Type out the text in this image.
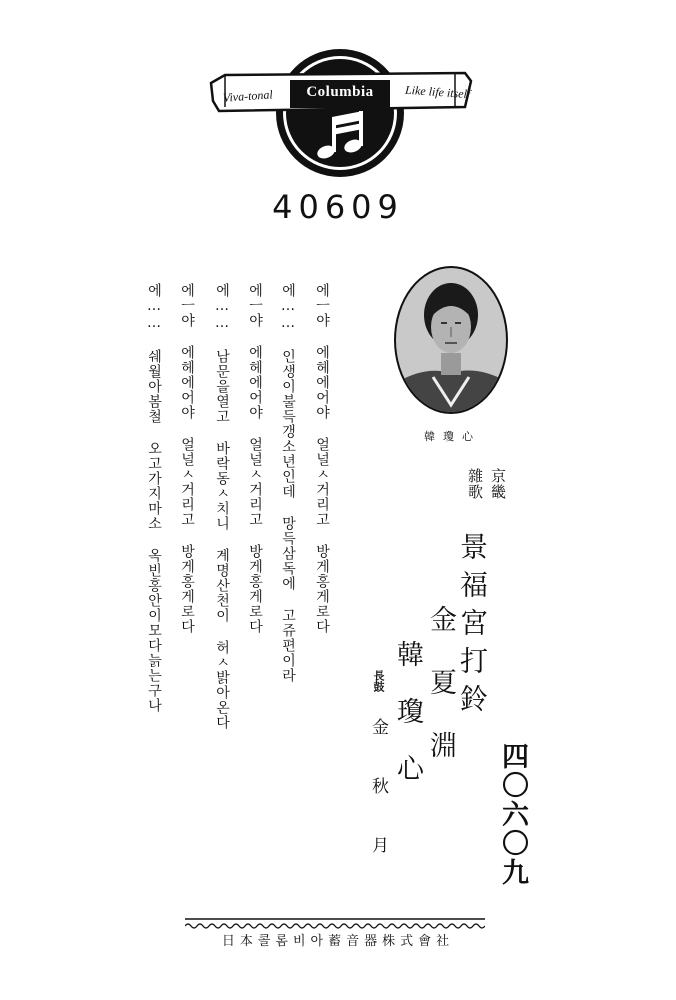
Viva-tonal	Columbia	Like life itself
40609
韓瓊心
京畿
雜歌
景福宮打鈴
金夏淵
韓瓊心
長鼓
金秋月	四〇六〇九
에ㅡ야 에헤에어야 얼널ㅅ거리고 방게홍게로다
에…… 인생이불득갱소년인데 망득삼독에 고쥬편이라
에ㅡ야 에헤에어야 얼널ㅅ거리고 방게홍게로다
에…… 남문을열고 바락동ㅅ치니 계명산천이 허ㅅ밝아온다
에ㅡ야 에헤에어야 얼널ㅅ거리고 방게홍게로다
에…… 쉐월아봄철 오고가지마소 옥빈홍안이모다늙는구나
日本콜롬비아蓄音器株式會社
